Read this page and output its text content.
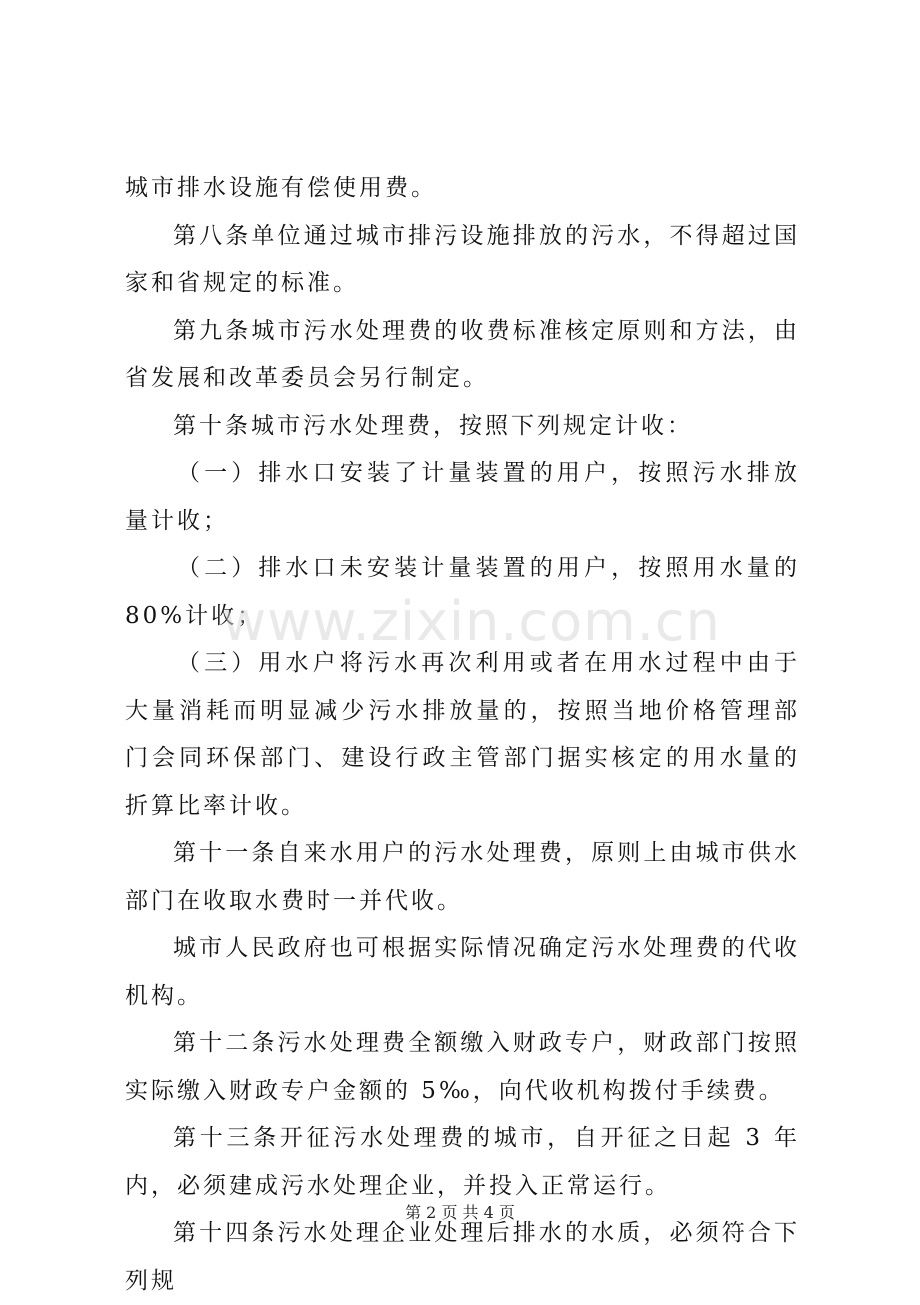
城市排水设施有偿使用费。

第八条单位通过城市排污设施排放的污水，不得超过国家和省规定的标准。

第九条城市污水处理费的收费标准核定原则和方法，由省发展和改革委员会另行制定。

第十条城市污水处理费，按照下列规定计收：

（一）排水口安装了计量装置的用户，按照污水排放量计收；

（二）排水口未安装计量装置的用户，按照用水量的 80%计收；

（三）用水户将污水再次利用或者在用水过程中由于大量消耗而明显减少污水排放量的，按照当地价格管理部门会同环保部门、建设行政主管部门据实核定的用水量的折算比率计收。

第十一条自来水用户的污水处理费，原则上由城市供水部门在收取水费时一并代收。

城市人民政府也可根据实际情况确定污水处理费的代收机构。

第十二条污水处理费全额缴入财政专户，财政部门按照实际缴入财政专户金额的 5‰，向代收机构拨付手续费。

第十三条开征污水处理费的城市，自开征之日起 3 年内，必须建成污水处理企业，并投入正常运行。

第十四条污水处理企业处理后排水的水质，必须符合下列规

www.zixin.com.cn
第 2 页 共 4 页
